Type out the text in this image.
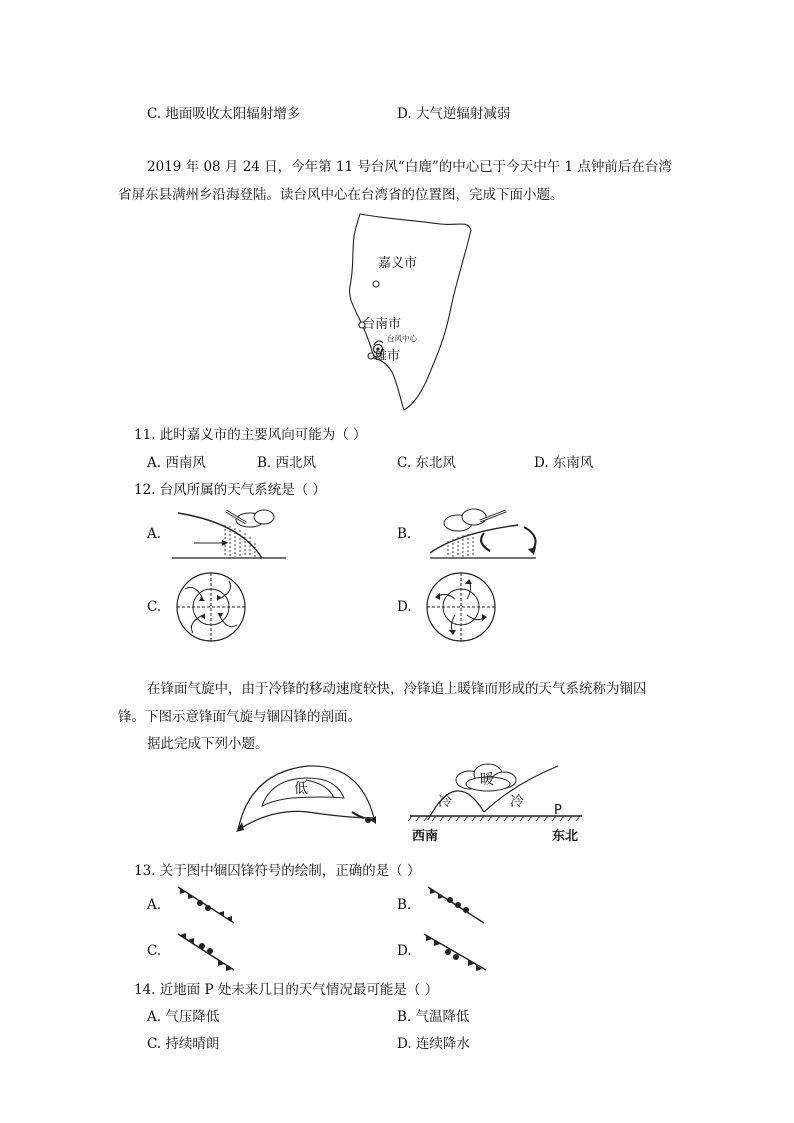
C. 地面吸收太阳辐射增多	D. 大气逆辐射减弱
2019 年 08 月 24 日，今年第 11 号台风“白鹿”的中心已于今天中午 1 点钟前后在台湾
省屏东县满州乡沿海登陆。读台风中心在台湾省的位置图，完成下面小题。
嘉义市
台南市
台风中心
雄市
11. 此时嘉义市的主要风向可能为（ ）
A. 西南风	B. 西北风	C. 东北风	D. 东南风
12. 台风所属的天气系统是（ ）
A.	B.
C.	D.
在锋面气旋中，由于冷锋的移动速度较快，冷锋追上暖锋而形成的天气系统称为锢囚
锋。下图示意锋面气旋与锢囚锋的剖面。
据此完成下列小题。
低
暖
冷	冷
P
西南	东北
13. 关于图中锢囚锋符号的绘制，正确的是（ ）
A.	B.
C.	D.
14. 近地面 P 处未来几日的天气情况最可能是（ ）
A. 气压降低	B. 气温降低
C. 持续晴朗	D. 连续降水
